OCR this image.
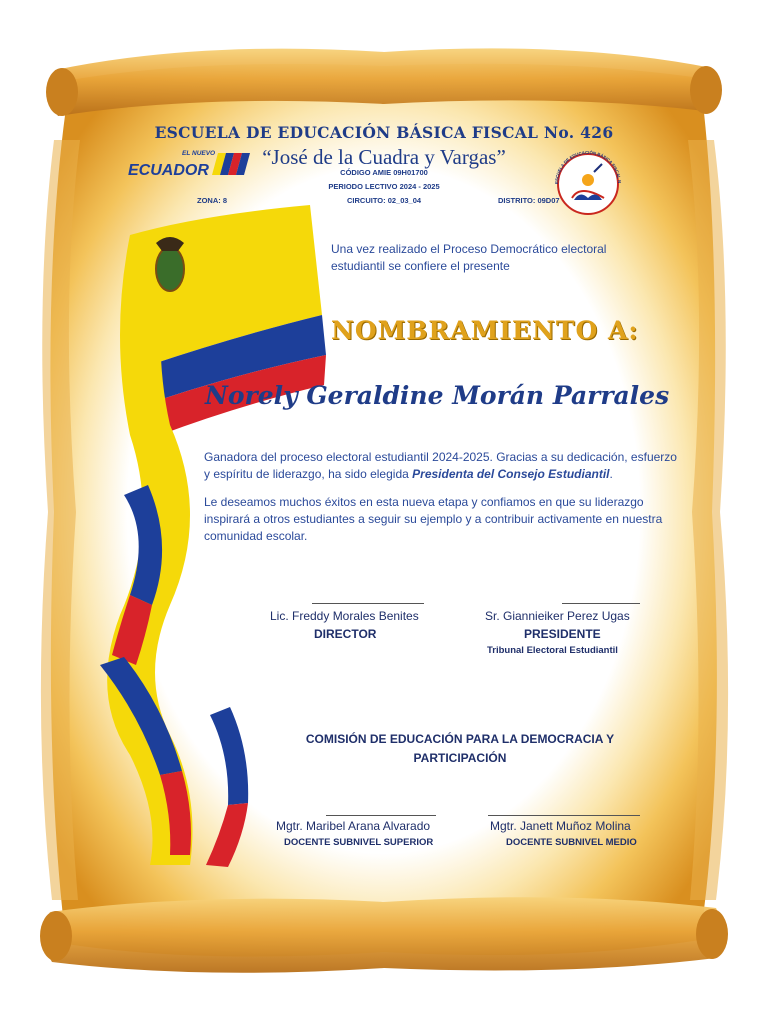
EL NUEVO
ECUADOR
ESCUELA DE EDUCACIÓN BÁSICA FISCAL N

ESCUELA DE EDUCACIÓN BÁSICA FISCAL No. 426

“José de la Cuadra y Vargas”

CÓDIGO AMIE 09H01700

PERIODO LECTIVO 2024 - 2025

ZONA: 8	CIRCUITO: 02_03_04	DISTRITO: 09D07

Una vez realizado el Proceso Democrático electoral estudiantil se confiere el presente

NOMBRAMIENTO A:

Norely Geraldine Morán Parrales

Ganadora del proceso electoral estudiantil 2024-2025. Gracias a su dedicación, esfuerzo y espíritu de liderazgo, ha sido elegida Presidenta del Consejo Estudiantil.

Le deseamos muchos éxitos en esta nueva etapa y confiamos en que su liderazgo inspirará a otros estudiantes a seguir su ejemplo y a contribuir activamente en nuestra comunidad escolar.

Lic. Freddy Morales Benites

DIRECTOR

Sr. Giannieiker Perez Ugas

PRESIDENTE

Tribunal Electoral Estudiantil

COMISIÓN DE EDUCACIÓN PARA LA DEMOCRACIA Y PARTICIPACIÓN

Mgtr. Maribel Arana Alvarado

DOCENTE SUBNIVEL SUPERIOR

Mgtr. Janett Muñoz Molina

DOCENTE SUBNIVEL MEDIO
